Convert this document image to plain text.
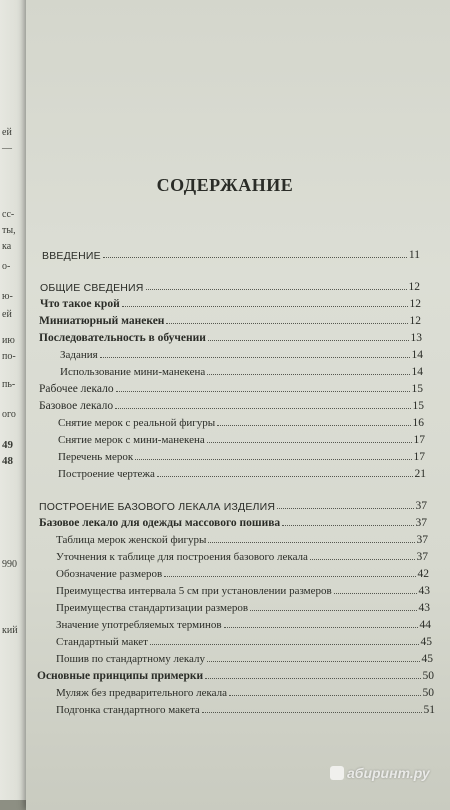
ей
—
сс-
ты,
ка
о-
ю-
ей
ию
по-
пь-
ого
49
48
990
кий
СОДЕРЖАНИЕ
ВВЕДЕНИЕ	11
ОБЩИЕ СВЕДЕНИЯ	12
Что такое крой	12
Миниатюрный манекен	12
Последовательность в обучении	13
Задания	14
Использование мини-манекена	14
Рабочее лекало	15
Базовое лекало	15
Снятие мерок с реальной фигуры	16
Снятие мерок с мини-манекена	17
Перечень мерок	17
Построение чертежа	21
ПОСТРОЕНИЕ БАЗОВОГО ЛЕКАЛА ИЗДЕЛИЯ	37
Базовое лекало для одежды массового пошива	37
Таблица мерок женской фигуры	37
Уточнения к таблице для построения базового лекала	37
Обозначение размеров	42
Преимущества интервала 5 см при установлении размеров	43
Преимущества стандартизации размеров	43
Значение употребляемых терминов	44
Стандартный макет	45
Пошив по стандартному лекалу	45
Основные принципы примерки	50
Муляж без предварительного лекала	50
Подгонка стандартного макета	51
абиринт.ру
